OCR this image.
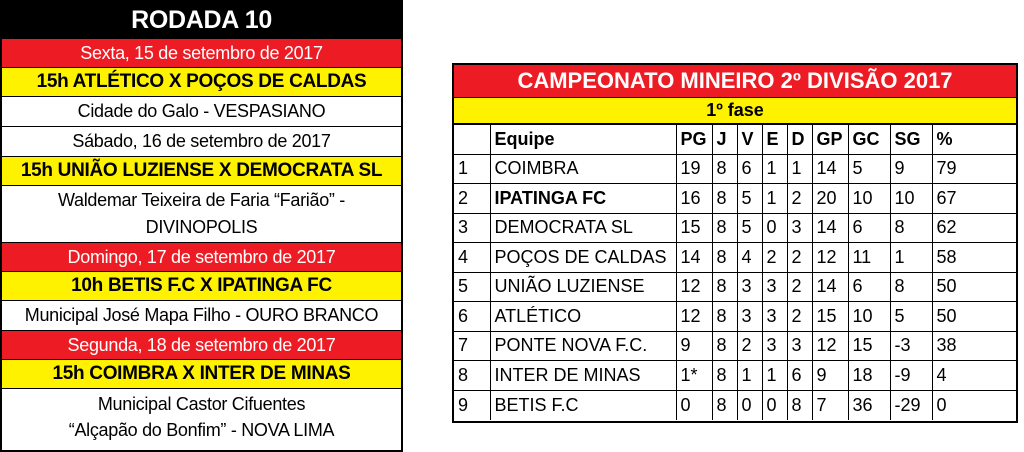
RODADA 10
Sexta, 15 de setembro de 2017
15h ATLÉTICO X POÇOS DE CALDAS
Cidade do Galo - VESPASIANO
Sábado, 16 de setembro de 2017
15h UNIÃO LUZIENSE X DEMOCRATA SL
Waldemar Teixeira de Faria “Farião” -
DIVINOPOLIS
Domingo, 17 de setembro de 2017
10h BETIS F.C X IPATINGA FC
Municipal José Mapa Filho - OURO BRANCO
Segunda, 18 de setembro de 2017
15h COIMBRA X INTER DE MINAS
Municipal Castor Cifuentes
“Alçapão do Bonfim” - NOVA LIMA
CAMPEONATO MINEIRO 2º DIVISÃO 2017
1º fase
	Equipe	PG	J	V	E	D	GP	GC	SG	%
1	COIMBRA	19	8	6	1	1	14	5	9	79
2	IPATINGA FC	16	8	5	1	2	20	10	10	67
3	DEMOCRATA SL	15	8	5	0	3	14	6	8	62
4	POÇOS DE CALDAS	14	8	4	2	2	12	11	1	58
5	UNIÃO LUZIENSE	12	8	3	3	2	14	6	8	50
6	ATLÉTICO	12	8	3	3	2	15	10	5	50
7	PONTE NOVA F.C.	9	8	2	3	3	12	15	-3	38
8	INTER DE MINAS	1*	8	1	1	6	9	18	-9	4
9	BETIS F.C	0	8	0	0	8	7	36	-29	0
